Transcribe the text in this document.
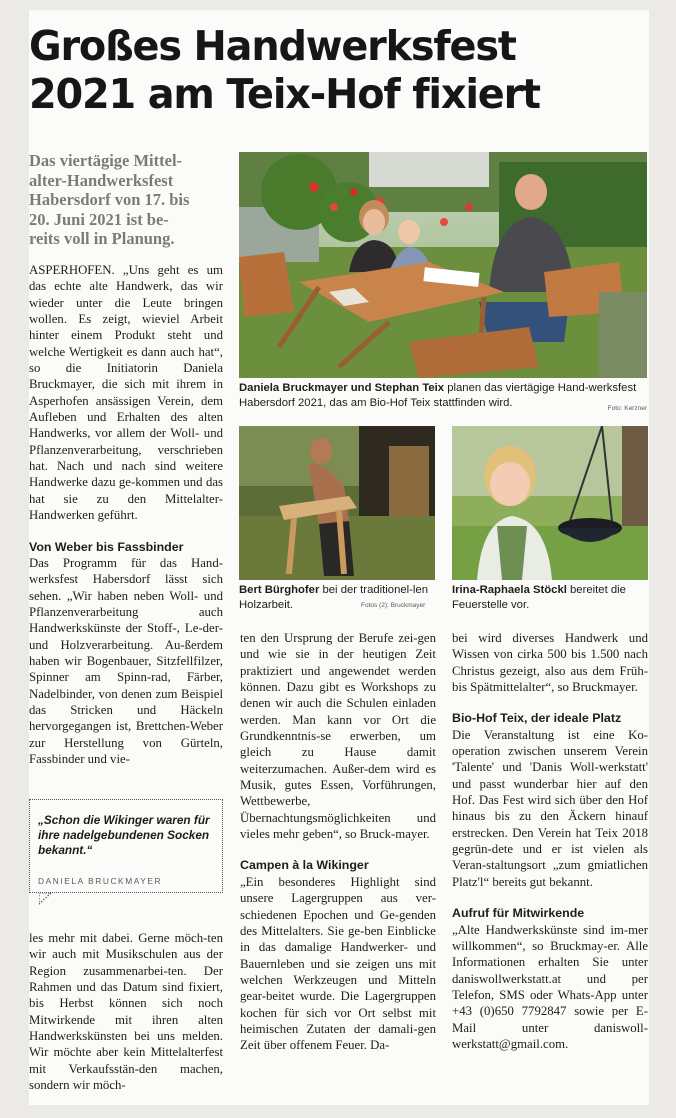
Großes Handwerksfest
2021 am Teix-Hof fixiert
Das viertägige Mittel-
alter-Handwerksfest
Habersdorf von 17. bis
20. Juni 2021 ist be-
reits voll in Planung.
Daniela Bruckmayer und Stephan Teix planen das viertägige Hand-werksfest Habersdorf 2021, das am Bio-Hof Teix stattfinden wird.	Foto: Kerzner
Bert Bürghofer bei der traditionel-len Holzarbeit.	Fotos (2): Bruckmayer
Irina-Raphaela Stöckl bereitet die Feuerstelle vor.

ASPERHOFEN. „Uns geht es um das echte alte Handwerk, das wir wieder unter die Leute bringen wollen. Es zeigt, wieviel Arbeit hinter einem Produkt steht und welche Wertigkeit es dann auch hat“, so die Initiatorin Daniela Bruckmayer, die sich mit ihrem in Asperhofen ansässigen Verein, dem Aufleben und Erhalten des alten Handwerks, vor allem der Woll- und Pflanzenverarbeitung, verschrieben hat. Nach und nach sind weitere Handwerke dazu ge-kommen und das hat sie zu den Mittelalter-Handwerken geführt.

Von Weber bis Fassbinder

Das Programm für das Hand-werksfest Habersdorf lässt sich sehen. „Wir haben neben Woll- und Pflanzenverarbeitung auch Handwerkskünste der Stoff-, Le-der- und Holzverarbeitung. Au-ßerdem haben wir Bogenbauer, Sitzfellfilzer, Spinner am Spinn-rad, Färber, Nadelbinder, von denen zum Beispiel das Stricken und Häckeln hervorgegangen ist, Brettchen-Weber zur Herstellung von Gürteln, Fassbinder und vie-

„Schon die Wikinger waren für ihre nadelgebundenen Socken bekannt.“
DANIELA BRUCKMAYER

les mehr mit dabei. Gerne möch-ten wir auch mit Musikschulen aus der Region zusammenarbei-ten. Der Rahmen und das Datum sind fixiert, bis Herbst können sich noch Mitwirkende mit ihren alten Handwerkskünsten bei uns melden. Wir möchte aber kein Mittelalterfest mit Verkaufsstän-den machen, sondern wir möch-

ten den Ursprung der Berufe zei-gen und wie sie in der heutigen Zeit praktiziert und angewendet werden können. Dazu gibt es Workshops zu denen wir auch die Schulen einladen werden. Man kann vor Ort die Grundkenntnis-se erwerben, um gleich zu Hause damit weiterzumachen. Außer-dem wird es Musik, gutes Essen, Vorführungen, Wettbewerbe, Übernachtungsmöglichkeiten und vieles mehr geben“, so Bruck-mayer.

Campen à la Wikinger

„Ein besonderes Highlight sind unsere Lagergruppen aus ver-schiedenen Epochen und Ge-genden des Mittelalters. Sie ge-ben Einblicke in das damalige Handwerker- und Bauernleben und sie zeigen uns mit welchen Werkzeugen und Mitteln gear-beitet wurde. Die Lagergruppen kochen für sich vor Ort selbst mit heimischen Zutaten der damali-gen Zeit über offenem Feuer. Da-

bei wird diverses Handwerk und Wissen von cirka 500 bis 1.500 nach Christus gezeigt, also aus dem Früh- bis Spätmittelalter“, so Bruckmayer.

Bio-Hof Teix, der ideale Platz

Die Veranstaltung ist eine Ko-operation zwischen unserem Verein 'Talente' und 'Danis Woll-werkstatt' und passt wunderbar hier auf den Hof. Das Fest wird sich über den Hof hinaus bis zu den Äckern hinauf erstrecken. Den Verein hat Teix 2018 gegrün-dete und er ist vielen als Veran-staltungsort „zum gmiatlichen Platz'l“ bereits gut bekannt.

Aufruf für Mitwirkende

„Alte Handwerkskünste sind im-mer willkommen“, so Bruckmay-er. Alle Informationen erhalten Sie unter daniswollwerkstatt.at und per Telefon, SMS oder Whats-App unter +43 (0)650 7792847 sowie per E-Mail unter daniswoll-werkstatt@gmail.com.
